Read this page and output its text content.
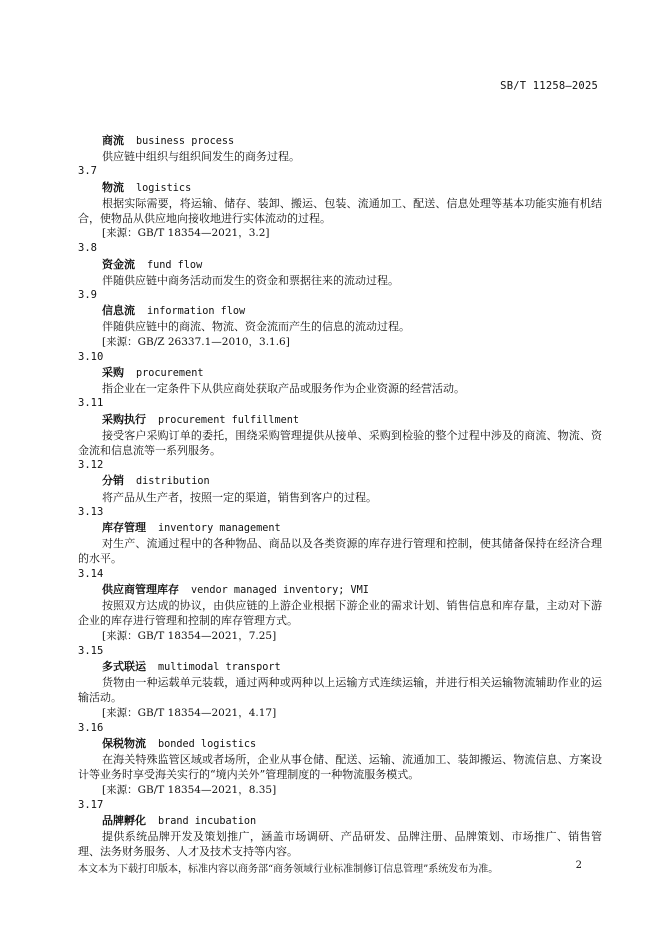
SB/T 11258—2025
商流 business process
供应链中组织与组织间发生的商务过程。
3.7
物流 logistics
根据实际需要，将运输、储存、装卸、搬运、包装、流通加工、配送、信息处理等基本功能实施有机结合，使物品从供应地向接收地进行实体流动的过程。
[来源：GB/T 18354—2021，3.2]
3.8
资金流 fund flow
伴随供应链中商务活动而发生的资金和票据往来的流动过程。
3.9
信息流 information flow
伴随供应链中的商流、物流、资金流而产生的信息的流动过程。
[来源：GB/Z 26337.1—2010，3.1.6]
3.10
采购 procurement
指企业在一定条件下从供应商处获取产品或服务作为企业资源的经营活动。
3.11
采购执行 procurement fulfillment
接受客户采购订单的委托，围绕采购管理提供从接单、采购到检验的整个过程中涉及的商流、物流、资金流和信息流等一系列服务。
3.12
分销 distribution
将产品从生产者，按照一定的渠道，销售到客户的过程。
3.13
库存管理 inventory management
对生产、流通过程中的各种物品、商品以及各类资源的库存进行管理和控制，使其储备保持在经济合理的水平。
3.14
供应商管理库存 vendor managed inventory; VMI
按照双方达成的协议，由供应链的上游企业根据下游企业的需求计划、销售信息和库存量，主动对下游企业的库存进行管理和控制的库存管理方式。
[来源：GB/T 18354—2021，7.25]
3.15
多式联运 multimodal transport
货物由一种运载单元装载，通过两种或两种以上运输方式连续运输，并进行相关运输物流辅助作业的运输活动。
[来源：GB/T 18354—2021，4.17]
3.16
保税物流 bonded logistics
在海关特殊监管区域或者场所，企业从事仓储、配送、运输、流通加工、装卸搬运、物流信息、方案设计等业务时享受海关实行的“境内关外”管理制度的一种物流服务模式。
[来源：GB/T 18354—2021，8.35]
3.17
品牌孵化 brand incubation
提供系统品牌开发及策划推广，涵盖市场调研、产品研发、品牌注册、品牌策划、市场推广、销售管理、法务财务服务、人才及技术支持等内容。
本文本为下载打印版本，标准内容以商务部“商务领域行业标准制修订信息管理”系统发布为准。	2
